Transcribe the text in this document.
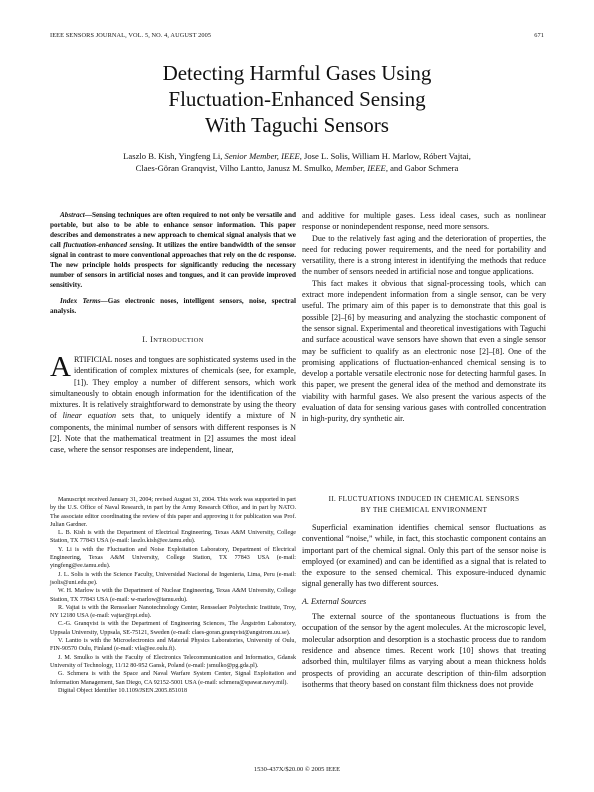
IEEE SENSORS JOURNAL, VOL. 5, NO. 4, AUGUST 2005	671
Detecting Harmful Gases Using
Fluctuation-Enhanced Sensing
With Taguchi Sensors
Laszlo B. Kish, Yingfeng Li, Senior Member, IEEE, Jose L. Solis, William H. Marlow, Róbert Vajtai,
Claes-Göran Granqvist, Vilho Lantto, Janusz M. Smulko, Member, IEEE, and Gabor Schmera

Abstract—Sensing techniques are often required to not only be versatile and portable, but also to be able to enhance sensor information. This paper describes and demonstrates a new approach to chemical signal analysis that we call fluctuation-enhanced sensing. It utilizes the entire bandwidth of the sensor signal in contrast to more conventional approaches that rely on the dc response. The new principle holds prospects for significantly reducing the necessary number of sensors in artificial noses and tongues, and it can provide improved sensitivity.

Index Terms—Gas electronic noses, intelligent sensors, noise, spectral analysis.

I. INTRODUCTION

ARTIFICIAL noses and tongues are sophisticated systems used in the identification of complex mixtures of chemicals (see, for example, [1]). They employ a number of different sensors, which work simultaneously to obtain enough information for the identification of the mixtures. It is relatively straightforward to demonstrate by using the theory of linear equation sets that, to uniquely identify a mixture of N components, the minimal number of sensors with different responses is N [2]. Note that the mathematical treatment in [2] assumes the most ideal case, where the sensor responses are independent, linear,

and additive for multiple gases. Less ideal cases, such as nonlinear response or nonindependent response, need more sensors.

Due to the relatively fast aging and the deterioration of properties, the need for reducing power requirements, and the need for portability and versatility, there is a strong interest in identifying the methods that reduce the number of sensors needed in artificial nose and tongue applications.

This fact makes it obvious that signal-processing tools, which can extract more independent information from a single sensor, can be very useful. The primary aim of this paper is to demonstrate that this goal is possible [2]–[6] by measuring and analyzing the stochastic component of the sensor signal. Experimental and theoretical investigations with Taguchi and surface acoustical wave sensors have shown that even a single sensor may be sufficient to qualify as an electronic nose [2]–[8]. One of the promising applications of fluctuation-enhanced chemical sensing is to develop a portable versatile electronic nose for detecting harmful gases. In this paper, we present the general idea of the method and demonstrate its viability with harmful gases. We also present the various aspects of the evaluation of data for sensing various gases with controlled concentration in high-purity, dry synthetic air.

Manuscript received January 31, 2004; revised August 31, 2004. This work was supported in part by the U.S. Office of Naval Research, in part by the Army Research Office, and in part by NATO. The associate editor coordinating the review of this paper and approving it for publication was Prof. Julian Gardner.

L. B. Kish is with the Department of Electrical Engineering, Texas A&M University, College Station, TX 77843 USA (e-mail: laszlo.kish@ee.tamu.edu).

Y. Li is with the Fluctuation and Noise Exploitation Laboratory, Department of Electrical Engineering, Texas A&M University, College Station, TX 77843 USA (e-mail: yingfeng@ee.tamu.edu).

J. L. Solis is with the Science Faculty, Universidad Nacional de Ingenieria, Lima, Peru (e-mail: jsolis@uni.edu.pe).

W. H. Marlow is with the Department of Nuclear Engineering, Texas A&M University, College Station, TX 77843 USA (e-mail: w-marlow@tamu.edu).

R. Vajtai is with the Rensselaer Nanotechnology Center, Rensselaer Polytechnic Institute, Troy, NY 12180 USA (e-mail: vajtar@rpi.edu).

C.-G. Granqvist is with the Department of Engineering Sciences, The Ångström Laboratory, Uppsala University, Uppsala, SE-75121, Sweden (e-mail: claes-goran.granqvist@angstrom.uu.se).

V. Lantto is with the Microelectronics and Material Physics Laboratories, University of Oulu, FIN-90570 Oulu, Finland (e-mail: vila@ee.oulu.fi).

J. M. Smulko is with the Faculty of Electronics Telecommunication and Informatics, Gdansk University of Technology, 11/12 80-952 Gansk, Poland (e-mail: jsmulko@pg.gda.pl).

G. Schmera is with the Space and Naval Warfare System Center, Signal Exploitation and Information Management, San Diego, CA 92152-5001 USA (e-mail: schmera@spawar.navy.mil).

Digital Object Identifier 10.1109/JSEN.2005.851018

II. FLUCTUATIONS INDUCED IN CHEMICAL SENSORS
BY THE CHEMICAL ENVIRONMENT

Superficial examination identifies chemical sensor fluctuations as conventional “noise,” while, in fact, this stochastic component contains an important part of the chemical signal. Only this part of the sensor noise is employed (or examined) and can be identified as a signal that is related to the exposure to the sensed chemical. This exposure-induced dynamic signal generally has two different sources.

A. External Sources

The external source of the spontaneous fluctuations is from the occupation of the sensor by the agent molecules. At the microscopic level, molecular adsorption and desorption is a stochastic process due to random residence and absence times. Recent work [10] shows that treating adsorbed thin, multilayer films as varying about a mean thickness holds prospects of providing an accurate description of thin-film adsorption isotherms that theory based on constant film thickness does not provide

1530-437X/$20.00 © 2005 IEEE
